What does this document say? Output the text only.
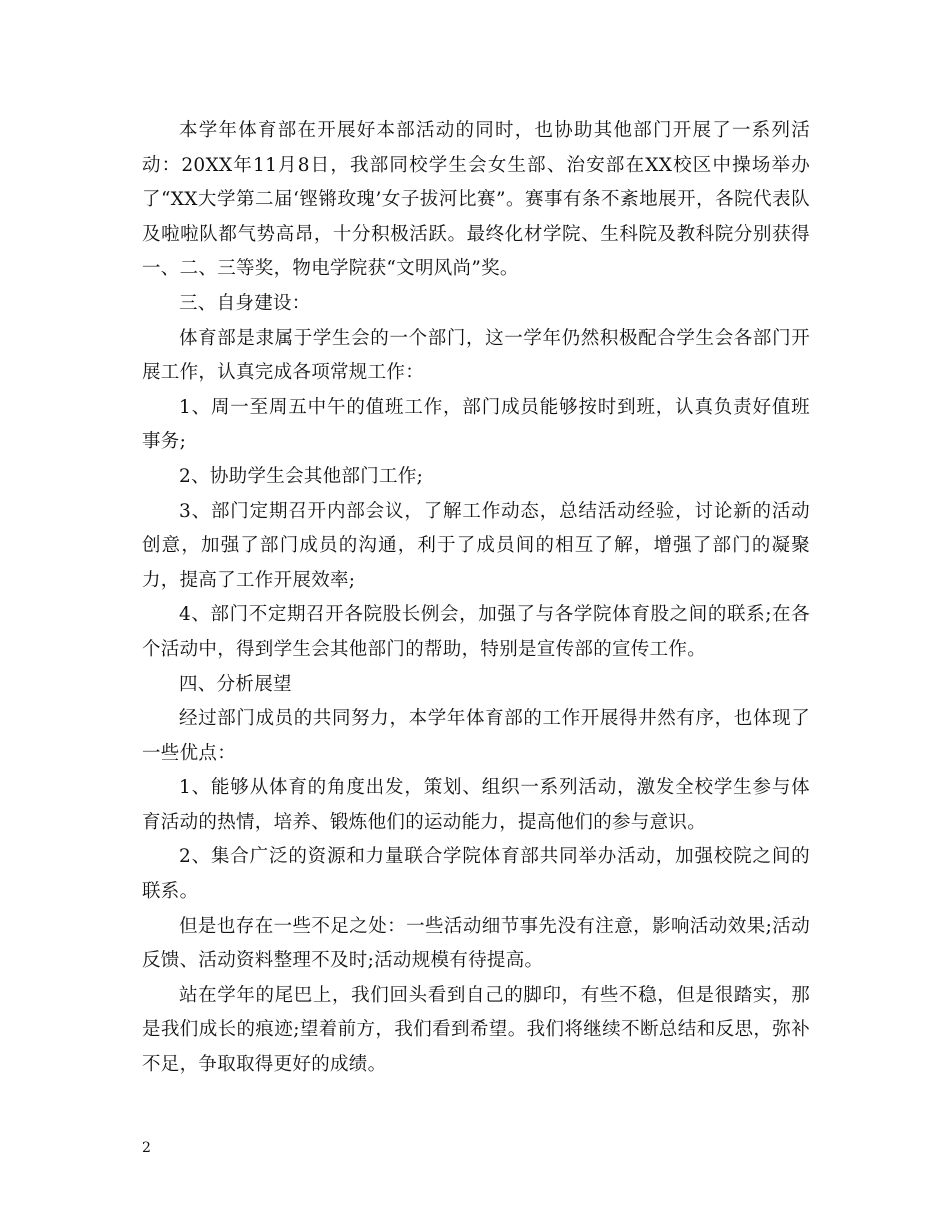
本学年体育部在开展好本部活动的同时，也协助其他部门开展了一系列活动：20XX年11月8日，我部同校学生会女生部、治安部在XX校区中操场举办了“XX大学第二届‘铿锵玫瑰’女子拔河比赛”。赛事有条不紊地展开，各院代表队及啦啦队都气势高昂，十分积极活跃。最终化材学院、生科院及教科院分别获得一、二、三等奖，物电学院获“文明风尚”奖。

三、自身建设：

体育部是隶属于学生会的一个部门，这一学年仍然积极配合学生会各部门开展工作，认真完成各项常规工作：

1、周一至周五中午的值班工作，部门成员能够按时到班，认真负责好值班事务;

2、协助学生会其他部门工作;

3、部门定期召开内部会议，了解工作动态，总结活动经验，讨论新的活动创意，加强了部门成员的沟通，利于了成员间的相互了解，增强了部门的凝聚力，提高了工作开展效率;

4、部门不定期召开各院股长例会，加强了与各学院体育股之间的联系;在各个活动中，得到学生会其他部门的帮助，特别是宣传部的宣传工作。

四、分析展望

经过部门成员的共同努力，本学年体育部的工作开展得井然有序，也体现了一些优点：

1、能够从体育的角度出发，策划、组织一系列活动，激发全校学生参与体育活动的热情，培养、锻炼他们的运动能力，提高他们的参与意识。

2、集合广泛的资源和力量联合学院体育部共同举办活动，加强校院之间的联系。

但是也存在一些不足之处：一些活动细节事先没有注意，影响活动效果;活动反馈、活动资料整理不及时;活动规模有待提高。

站在学年的尾巴上，我们回头看到自己的脚印，有些不稳，但是很踏实，那是我们成长的痕迹;望着前方，我们看到希望。我们将继续不断总结和反思，弥补不足，争取取得更好的成绩。

2
